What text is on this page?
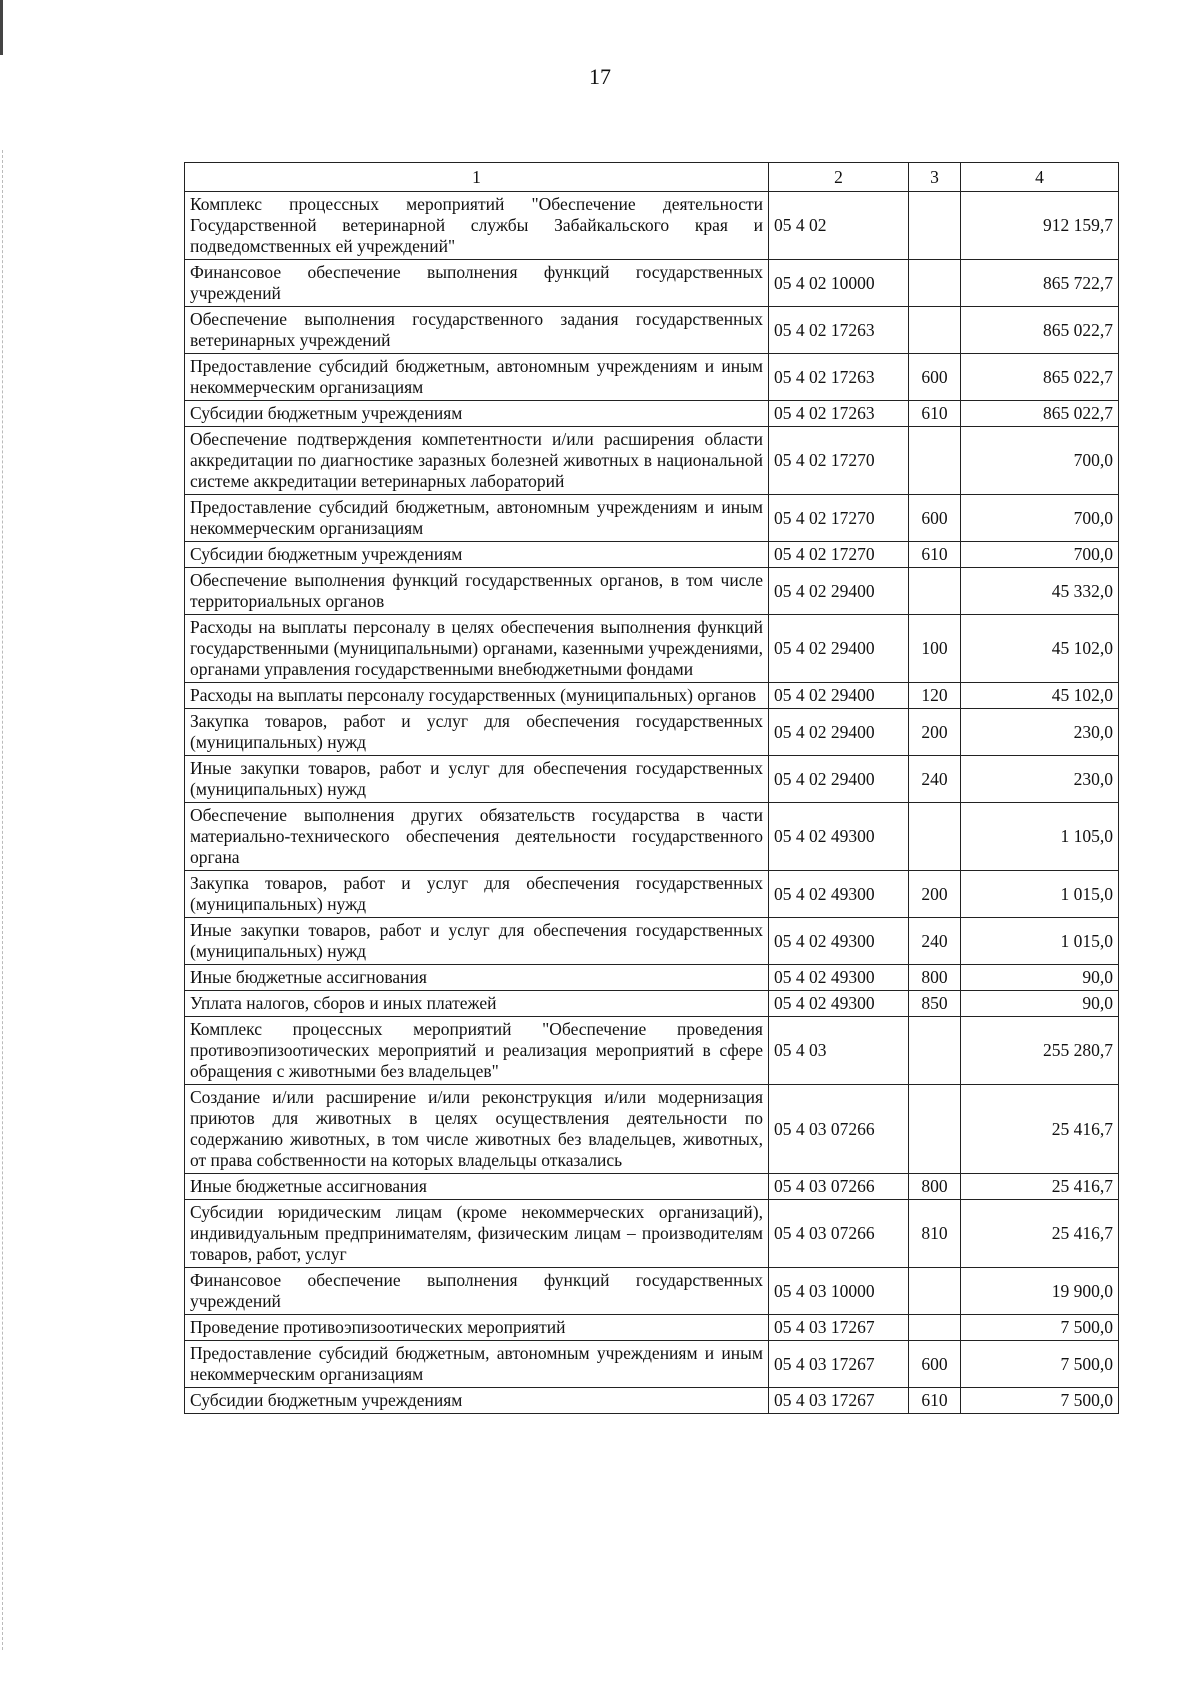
17
1	2	3	4
Комплекс процессных мероприятий "Обеспечение деятельности Государственной ветеринарной службы Забайкальского края и подведомственных ей учреждений"	05 4 02		912 159,7
Финансовое обеспечение выполнения функций государственных учреждений	05 4 02 10000		865 722,7
Обеспечение выполнения государственного задания государственных ветеринарных учреждений	05 4 02 17263		865 022,7
Предоставление субсидий бюджетным, автономным учреждениям и иным некоммерческим организациям	05 4 02 17263	600	865 022,7
Субсидии бюджетным учреждениям	05 4 02 17263	610	865 022,7
Обеспечение подтверждения компетентности и/или расширения области аккредитации по диагностике заразных болезней животных в национальной системе аккредитации ветеринарных лабораторий	05 4 02 17270		700,0
Предоставление субсидий бюджетным, автономным учреждениям и иным некоммерческим организациям	05 4 02 17270	600	700,0
Субсидии бюджетным учреждениям	05 4 02 17270	610	700,0
Обеспечение выполнения функций государственных органов, в том числе территориальных органов	05 4 02 29400		45 332,0
Расходы на выплаты персоналу в целях обеспечения выполнения функций государственными (муниципальными) органами, казенными учреждениями, органами управления государственными внебюджетными фондами	05 4 02 29400	100	45 102,0
Расходы на выплаты персоналу государственных (муниципальных) органов	05 4 02 29400	120	45 102,0
Закупка товаров, работ и услуг для обеспечения государственных (муниципальных) нужд	05 4 02 29400	200	230,0
Иные закупки товаров, работ и услуг для обеспечения государственных (муниципальных) нужд	05 4 02 29400	240	230,0
Обеспечение выполнения других обязательств государства в части материально-технического обеспечения деятельности государственного органа	05 4 02 49300		1 105,0
Закупка товаров, работ и услуг для обеспечения государственных (муниципальных) нужд	05 4 02 49300	200	1 015,0
Иные закупки товаров, работ и услуг для обеспечения государственных (муниципальных) нужд	05 4 02 49300	240	1 015,0
Иные бюджетные ассигнования	05 4 02 49300	800	90,0
Уплата налогов, сборов и иных платежей	05 4 02 49300	850	90,0
Комплекс процессных мероприятий "Обеспечение проведения противоэпизоотических мероприятий и реализация мероприятий в сфере обращения с животными без владельцев"	05 4 03		255 280,7
Создание и/или расширение и/или реконструкция и/или модернизация приютов для животных в целях осуществления деятельности по содержанию животных, в том числе животных без владельцев, животных, от права собственности на которых владельцы отказались	05 4 03 07266		25 416,7
Иные бюджетные ассигнования	05 4 03 07266	800	25 416,7
Субсидии юридическим лицам (кроме некоммерческих организаций), индивидуальным предпринимателям, физическим лицам – производителям товаров, работ, услуг	05 4 03 07266	810	25 416,7
Финансовое обеспечение выполнения функций государственных учреждений	05 4 03 10000		19 900,0
Проведение противоэпизоотических мероприятий	05 4 03 17267		7 500,0
Предоставление субсидий бюджетным, автономным учреждениям и иным некоммерческим организациям	05 4 03 17267	600	7 500,0
Субсидии бюджетным учреждениям	05 4 03 17267	610	7 500,0
